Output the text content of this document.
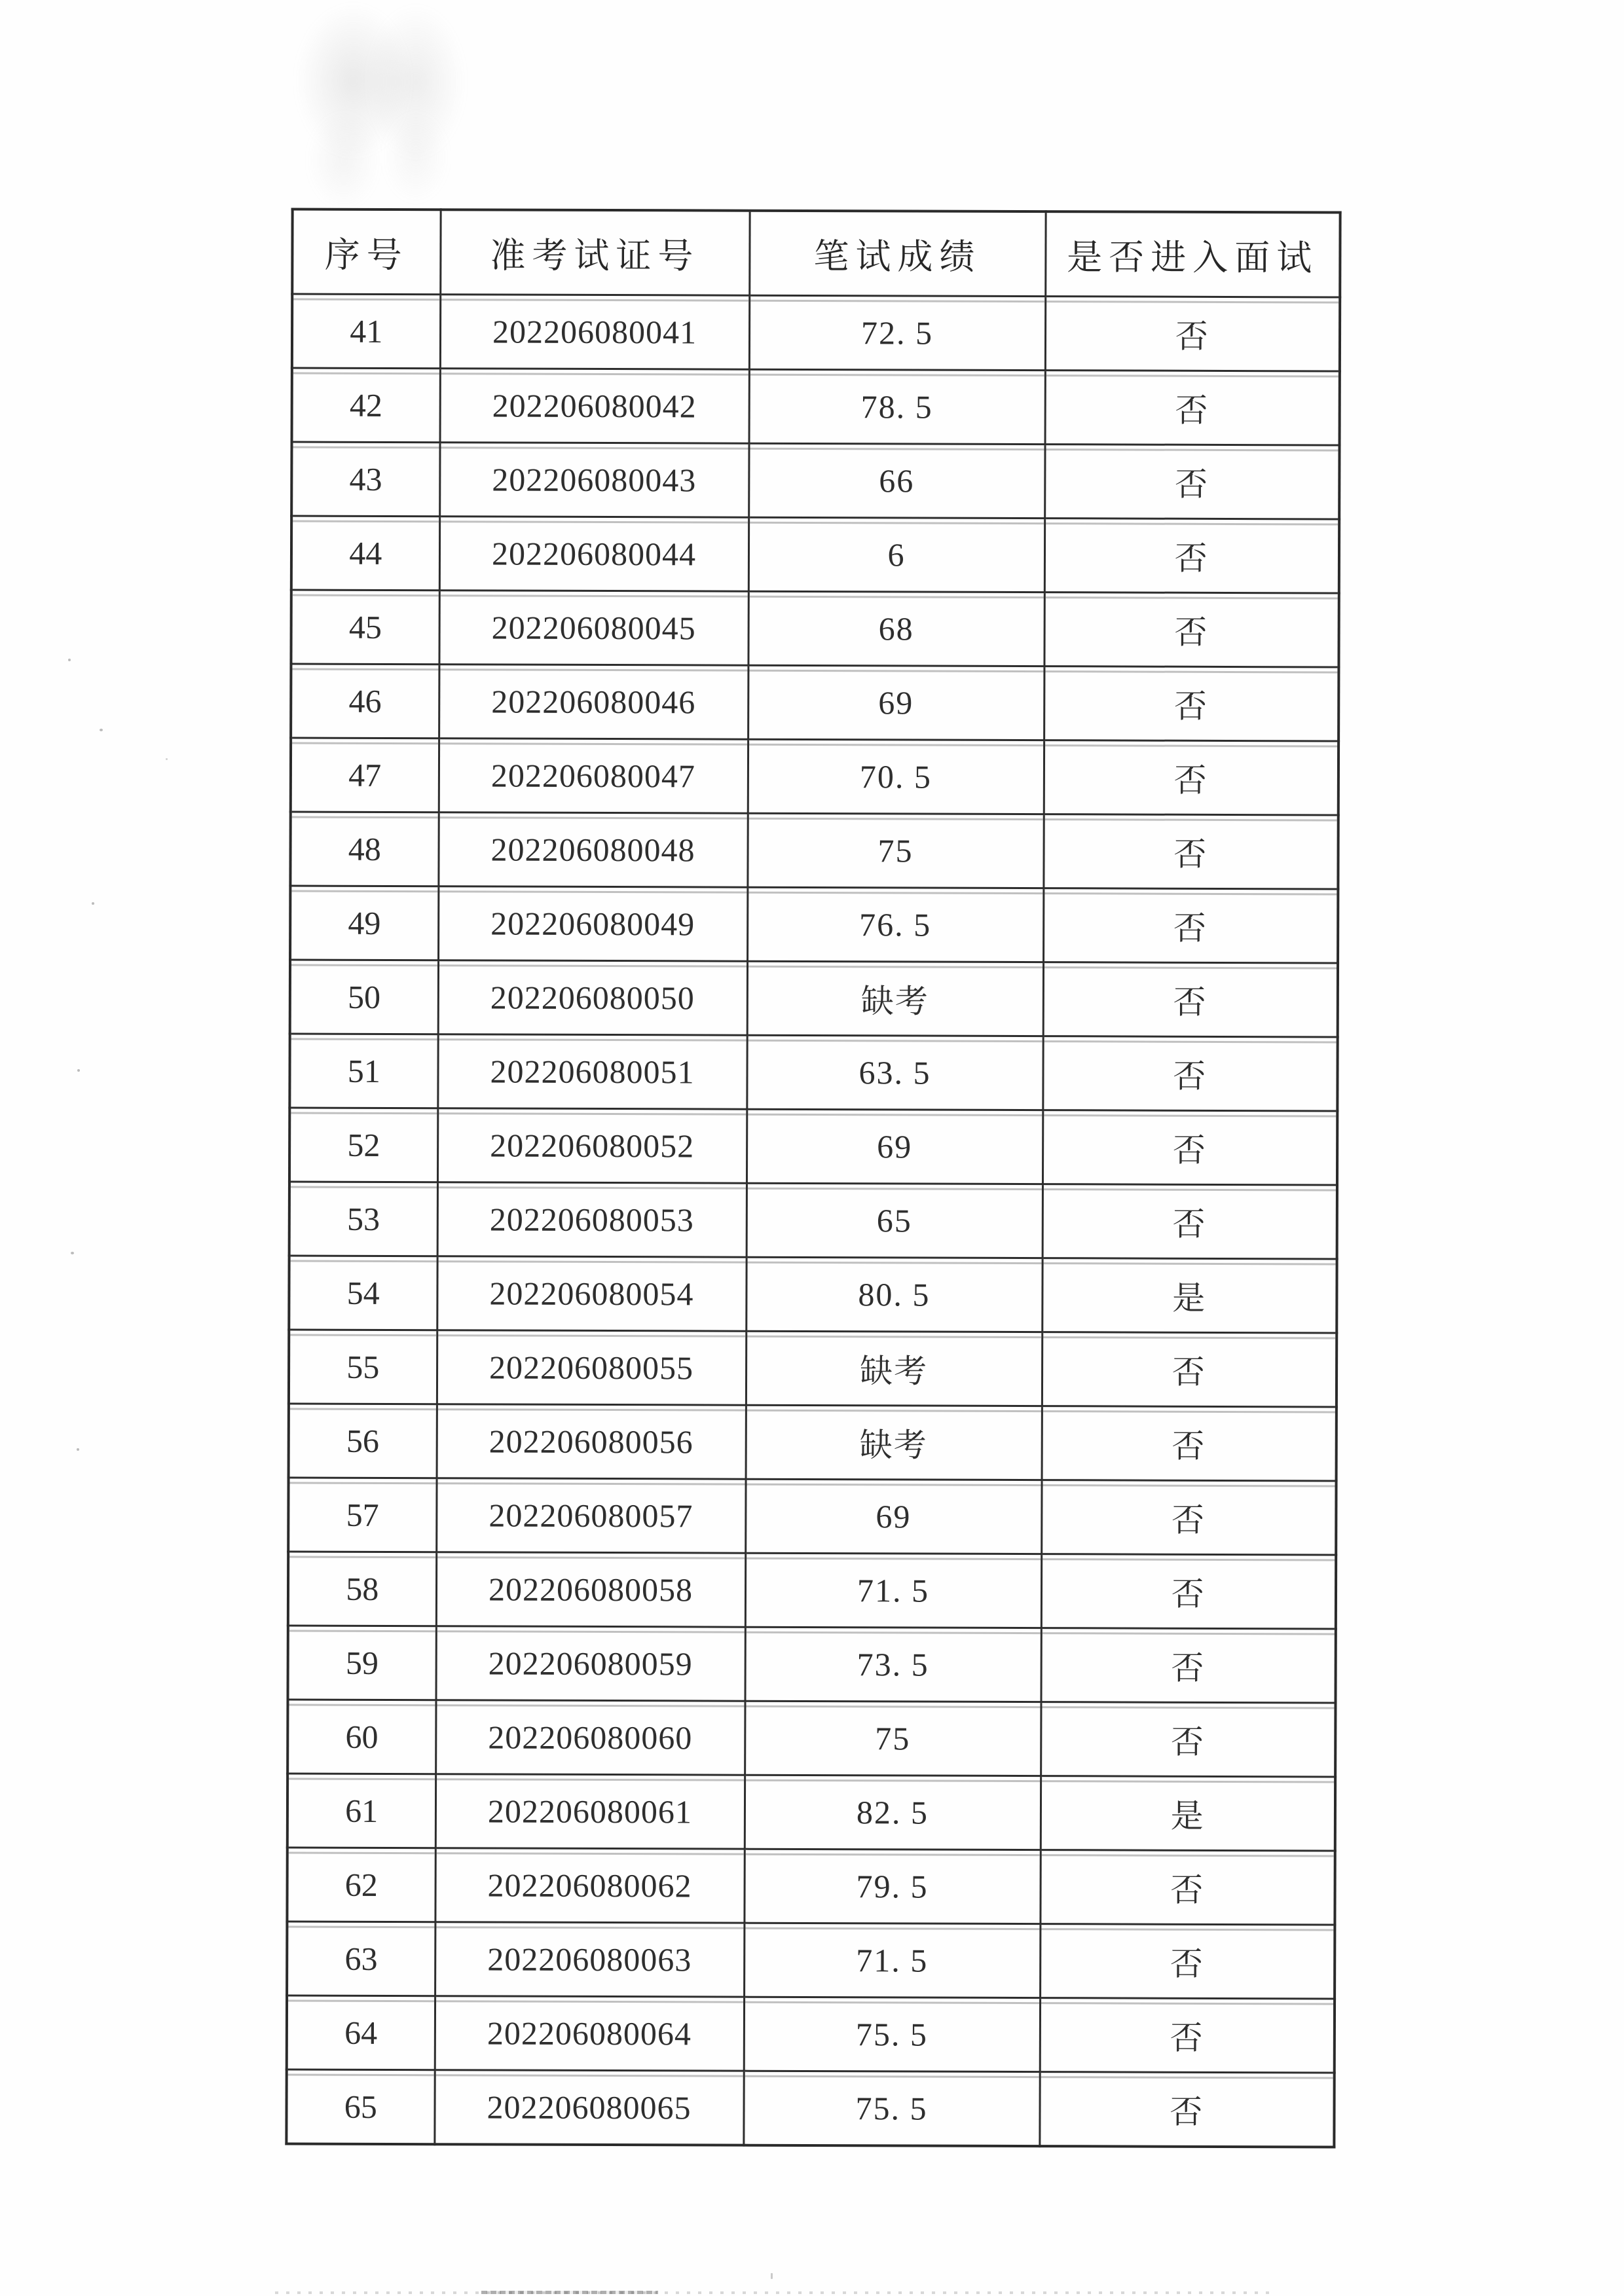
序号	准考试证号	笔试成绩	是否进入面试
41	202206080041	72. 5	否
42	202206080042	78. 5	否
43	202206080043	66	否
44	202206080044	6	否
45	202206080045	68	否
46	202206080046	69	否
47	202206080047	70. 5	否
48	202206080048	75	否
49	202206080049	76. 5	否
50	202206080050	缺考	否
51	202206080051	63. 5	否
52	202206080052	69	否
53	202206080053	65	否
54	202206080054	80. 5	是
55	202206080055	缺考	否
56	202206080056	缺考	否
57	202206080057	69	否
58	202206080058	71. 5	否
59	202206080059	73. 5	否
60	202206080060	75	否
61	202206080061	82. 5	是
62	202206080062	79. 5	否
63	202206080063	71. 5	否
64	202206080064	75. 5	否
65	202206080065	75. 5	否
